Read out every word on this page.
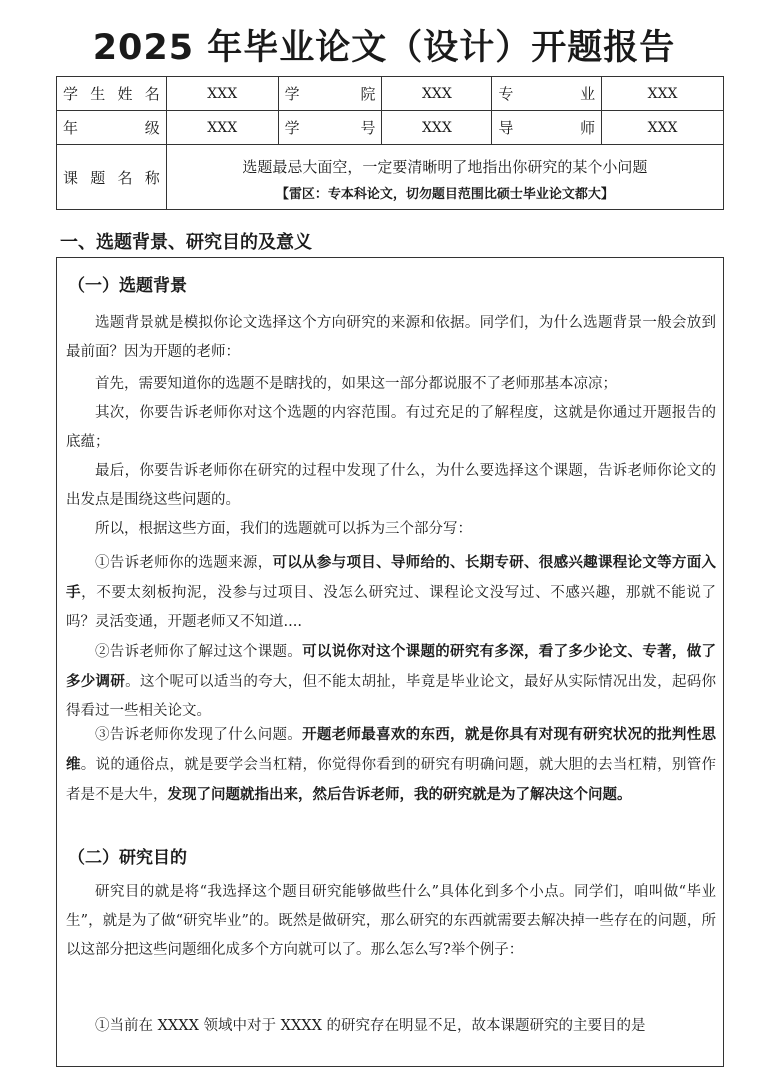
2025 年毕业论文（设计）开题报告
学 生 姓 名	XXX	学 院	XXX	专 业	XXX
年 级	XXX	学 号	XXX	导 师	XXX
课 题 名 称	选题最忌大面空，一定要清晰明了地指出你研究的某个小问题
【雷区：专本科论文，切勿题目范围比硕士毕业论文都大】				
一、选题背景、研究目的及意义
（一）选题背景
选题背景就是模拟你论文选择这个方向研究的来源和依据。同学们，为什么选题背景一般会放到最前面？因为开题的老师：
首先，需要知道你的选题不是瞎找的，如果这一部分都说服不了老师那基本凉凉；
其次，你要告诉老师你对这个选题的内容范围。有过充足的了解程度，这就是你通过开题报告的底蕴；
最后，你要告诉老师你在研究的过程中发现了什么，为什么要选择这个课题，告诉老师你论文的出发点是围绕这些问题的。
所以，根据这些方面，我们的选题就可以拆为三个部分写：
①告诉老师你的选题来源，可以从参与项目、导师给的、长期专研、很感兴趣课程论文等方面入手，不要太刻板拘泥，没参与过项目、没怎么研究过、课程论文没写过、不感兴趣，那就不能说了吗？灵活变通，开题老师又不知道....
②告诉老师你了解过这个课题。可以说你对这个课题的研究有多深，看了多少论文、专著，做了多少调研。这个呢可以适当的夸大，但不能太胡扯，毕竟是毕业论文，最好从实际情况出发，起码你得看过一些相关论文。
③告诉老师你发现了什么问题。开题老师最喜欢的东西，就是你具有对现有研究状况的批判性思维。说的通俗点，就是要学会当杠精，你觉得你看到的研究有明确问题，就大胆的去当杠精，别管作者是不是大牛，发现了问题就指出来，然后告诉老师，我的研究就是为了解决这个问题。
（二）研究目的
研究目的就是将“我选择这个题目研究能够做些什么”具体化到多个小点。同学们，咱叫做“毕业生”，就是为了做“研究毕业”的。既然是做研究，那么研究的东西就需要去解决掉一些存在的问题，所以这部分把这些问题细化成多个方向就可以了。那么怎么写?举个例子：
①当前在 XXXX 领域中对于 XXXX 的研究存在明显不足，故本课题研究的主要目的是
